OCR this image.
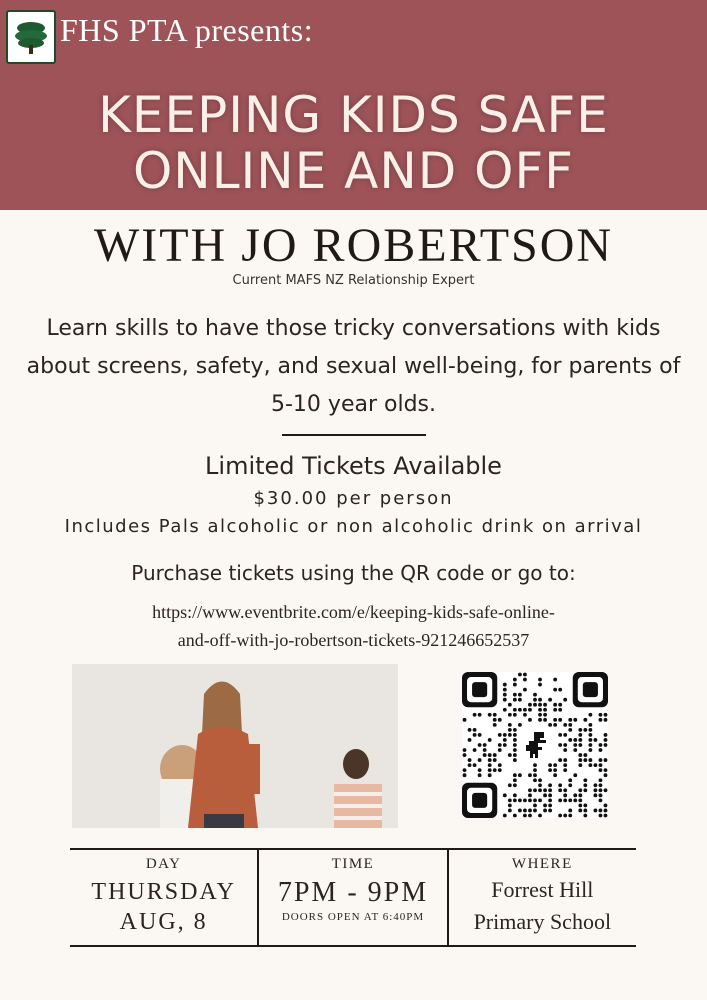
FHS PTA presents:
KEEPING KIDS SAFE
ONLINE AND OFF
WITH JO ROBERTSON
Current MAFS NZ Relationship Expert
Learn skills to have those tricky conversations with kids about screens, safety, and sexual well-being, for parents of 5-10 year olds.
Limited Tickets Available
$30.00 per person
Includes Pals alcoholic or non alcoholic drink on arrival
Purchase tickets using the QR code or go to:
https://www.eventbrite.com/e/keeping-kids-safe-online-
and-off-with-jo-robertson-tickets-921246652537
DAY
THURSDAY
AUG, 8
TIME
7PM - 9PM
DOORS OPEN AT 6:40PM
WHERE
Forrest Hill
Primary School
